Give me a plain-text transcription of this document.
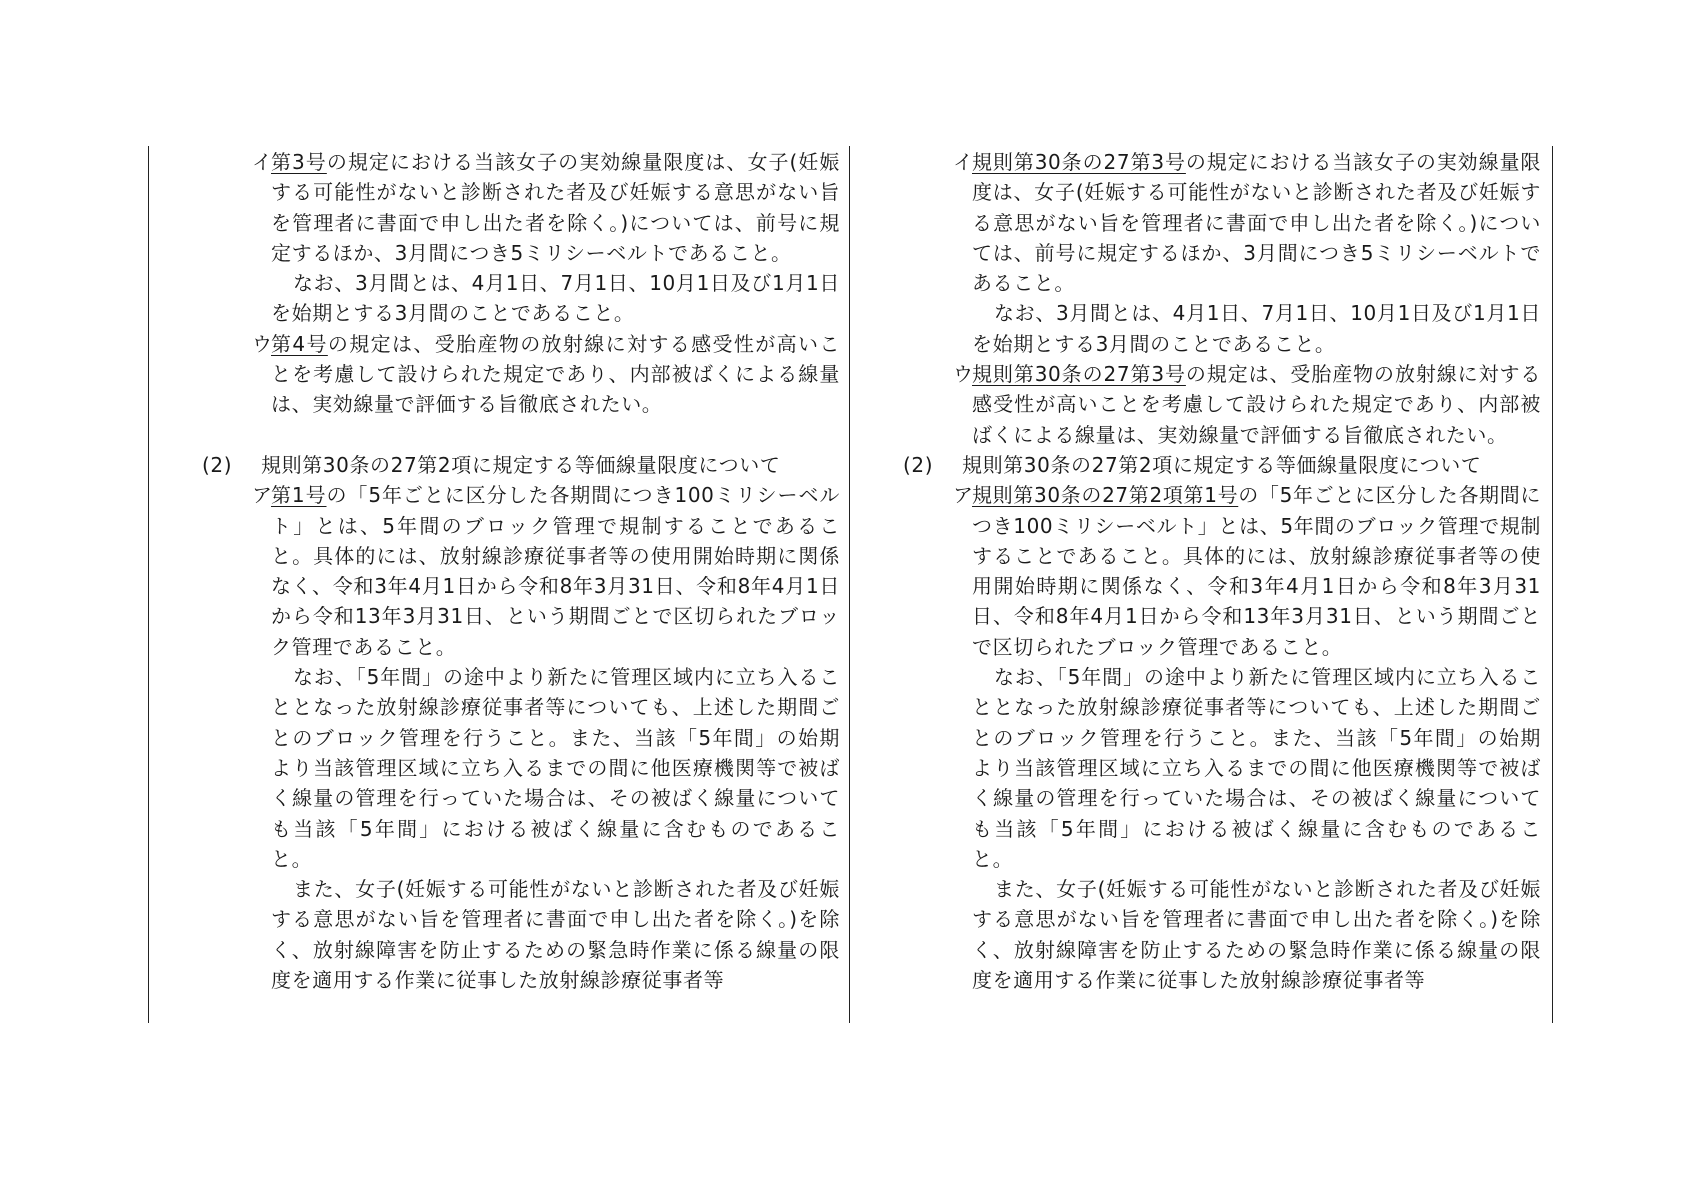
イ
第3号の規定における当該女子の実効線量限度は、女子(妊娠する可能性がないと診断された者及び妊娠する意思がない旨を管理者に書面で申し出た者を除く。)については、前号に規定するほか、3月間につき5ミリシーベルトであること。

なお、3月間とは、4月1日、7月1日、10月1日及び1月1日を始期とする3月間のことであること。

ウ
第4号の規定は、受胎産物の放射線に対する感受性が高いことを考慮して設けられた規定であり、内部被ばくによる線量は、実効線量で評価する旨徹底されたい。

(2) 規則第30条の27第2項に規定する等価線量限度について

ア
第1号の「5年ごとに区分した各期間につき100ミリシーベルト」とは、5年間のブロック管理で規制することであること。具体的には、放射線診療従事者等の使用開始時期に関係なく、令和3年4月1日から令和8年3月31日、令和8年4月1日から令和13年3月31日、という期間ごとで区切られたブロック管理であること。

なお、「5年間」の途中より新たに管理区域内に立ち入ることとなった放射線診療従事者等についても、上述した期間ごとのブロック管理を行うこと。また、当該「5年間」の始期より当該管理区域に立ち入るまでの間に他医療機関等で被ばく線量の管理を行っていた場合は、その被ばく線量についても当該「5年間」における被ばく線量に含むものであること。

また、女子(妊娠する可能性がないと診断された者及び妊娠する意思がない旨を管理者に書面で申し出た者を除く。)を除く、放射線障害を防止するための緊急時作業に係る線量の限度を適用する作業に従事した放射線診療従事者等

イ
規則第30条の27第3号の規定における当該女子の実効線量限度は、女子(妊娠する可能性がないと診断された者及び妊娠する意思がない旨を管理者に書面で申し出た者を除く。)については、前号に規定するほか、3月間につき5ミリシーベルトであること。

なお、3月間とは、4月1日、7月1日、10月1日及び1月1日を始期とする3月間のことであること。

ウ
規則第30条の27第3号の規定は、受胎産物の放射線に対する感受性が高いことを考慮して設けられた規定であり、内部被ばくによる線量は、実効線量で評価する旨徹底されたい。

(2) 規則第30条の27第2項に規定する等価線量限度について

ア
規則第30条の27第2項第1号の「5年ごとに区分した各期間につき100ミリシーベルト」とは、5年間のブロック管理で規制することであること。具体的には、放射線診療従事者等の使用開始時期に関係なく、令和3年4月1日から令和8年3月31日、令和8年4月1日から令和13年3月31日、という期間ごとで区切られたブロック管理であること。

なお、「5年間」の途中より新たに管理区域内に立ち入ることとなった放射線診療従事者等についても、上述した期間ごとのブロック管理を行うこと。また、当該「5年間」の始期より当該管理区域に立ち入るまでの間に他医療機関等で被ばく線量の管理を行っていた場合は、その被ばく線量についても当該「5年間」における被ばく線量に含むものであること。

また、女子(妊娠する可能性がないと診断された者及び妊娠する意思がない旨を管理者に書面で申し出た者を除く。)を除く、放射線障害を防止するための緊急時作業に係る線量の限度を適用する作業に従事した放射線診療従事者等
